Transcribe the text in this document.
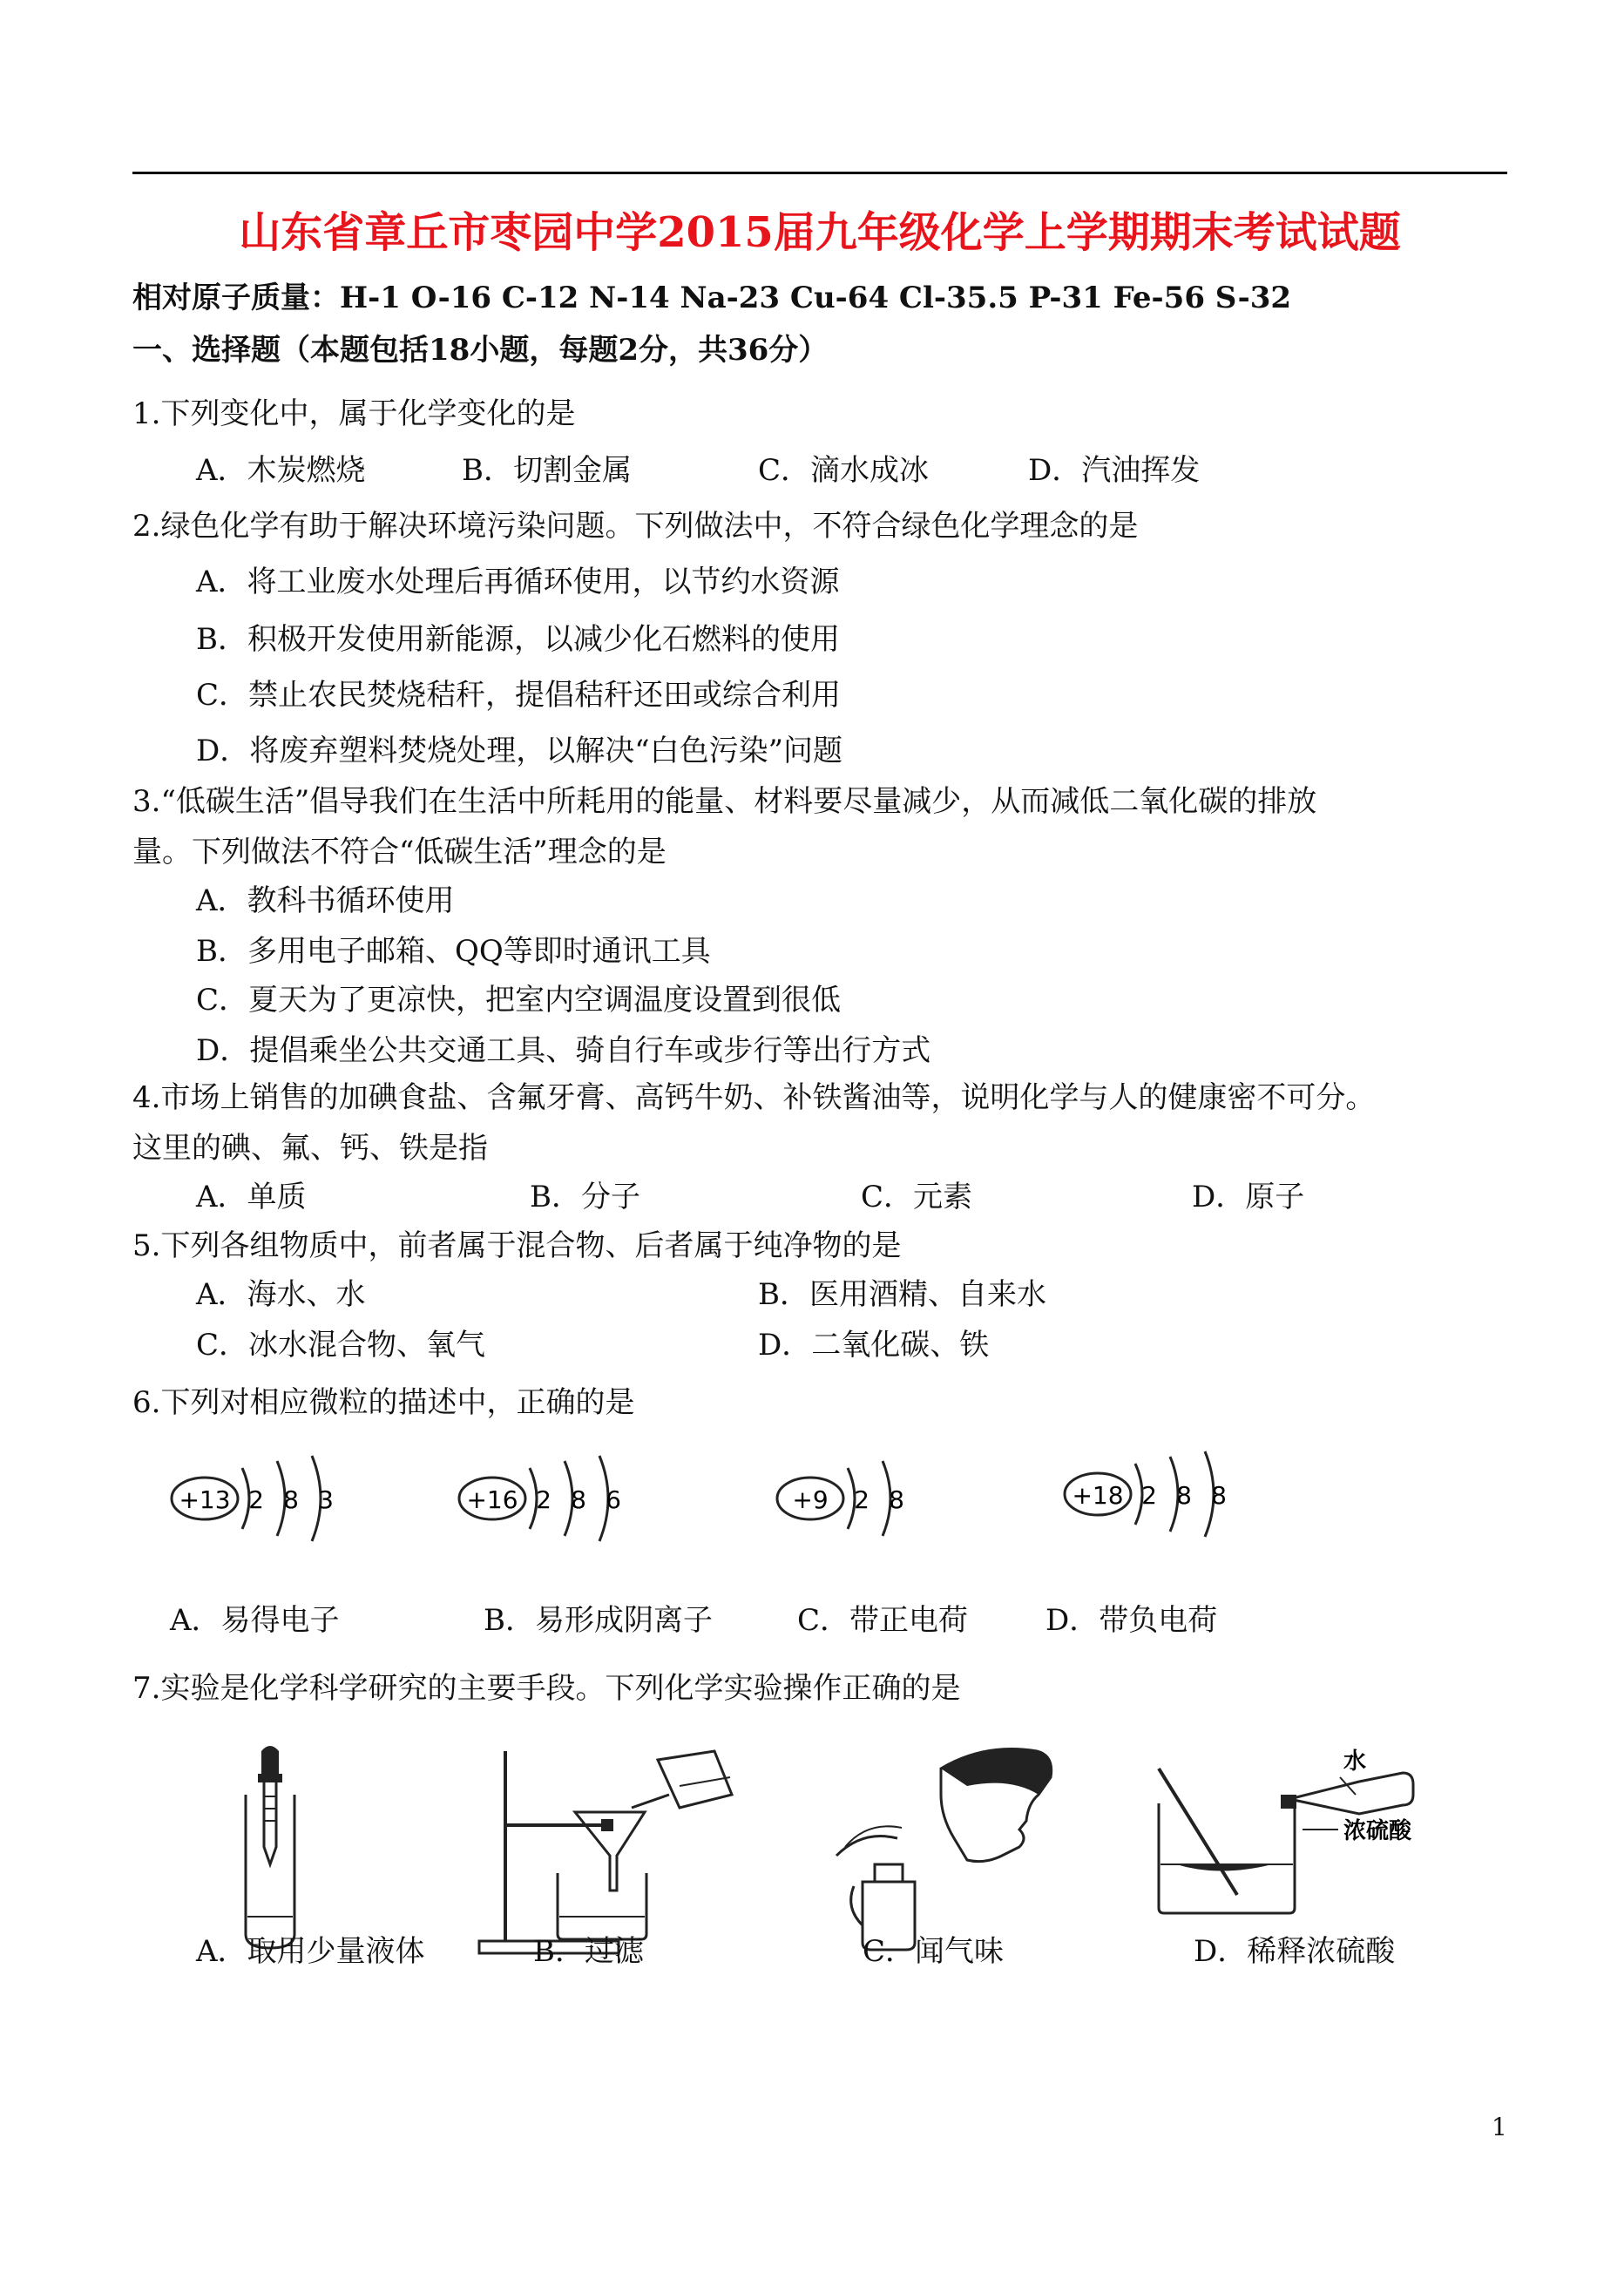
山东省章丘市枣园中学2015届九年级化学上学期期末考试试题
相对原子质量：H-1 O-16 C-12 N-14 Na-23 Cu-64 Cl-35.5 P-31 Fe-56 S-32
一、选择题（本题包括18小题，每题2分，共36分）
1.下列变化中，属于化学变化的是
A．木炭燃烧	B．切割金属	C．滴水成冰	D．汽油挥发
2.绿色化学有助于解决环境污染问题。下列做法中，不符合绿色化学理念的是
A．将工业废水处理后再循环使用，以节约水资源
B．积极开发使用新能源，以减少化石燃料的使用
C．禁止农民焚烧秸秆，提倡秸秆还田或综合利用
D．将废弃塑料焚烧处理，以解决“白色污染”问题
3.“低碳生活”倡导我们在生活中所耗用的能量、材料要尽量减少，从而减低二氧化碳的排放
量。下列做法不符合“低碳生活”理念的是
A．教科书循环使用
B．多用电子邮箱、QQ等即时通讯工具
C．夏天为了更凉快，把室内空调温度设置到很低
D．提倡乘坐公共交通工具、骑自行车或步行等出行方式
4.市场上销售的加碘食盐、含氟牙膏、高钙牛奶、补铁酱油等，说明化学与人的健康密不可分。
这里的碘、氟、钙、铁是指
A．单质	B．分子	C．元素	D．原子
5.下列各组物质中，前者属于混合物、后者属于纯净物的是
A．海水、水	B．医用酒精、自来水
C．冰水混合物、氧气	D．二氧化碳、铁
6.下列对相应微粒的描述中，正确的是
+13 2 8 3	+16 2 8 6	+9 2 8	+18 2 8 8
A．易得电子	B．易形成阴离子	C．带正电荷	D．带负电荷
7.实验是化学科学研究的主要手段。下列化学实验操作正确的是
水
浓硫酸
A．取用少量液体	B．过滤	C．闻气味	D．稀释浓硫酸
1
